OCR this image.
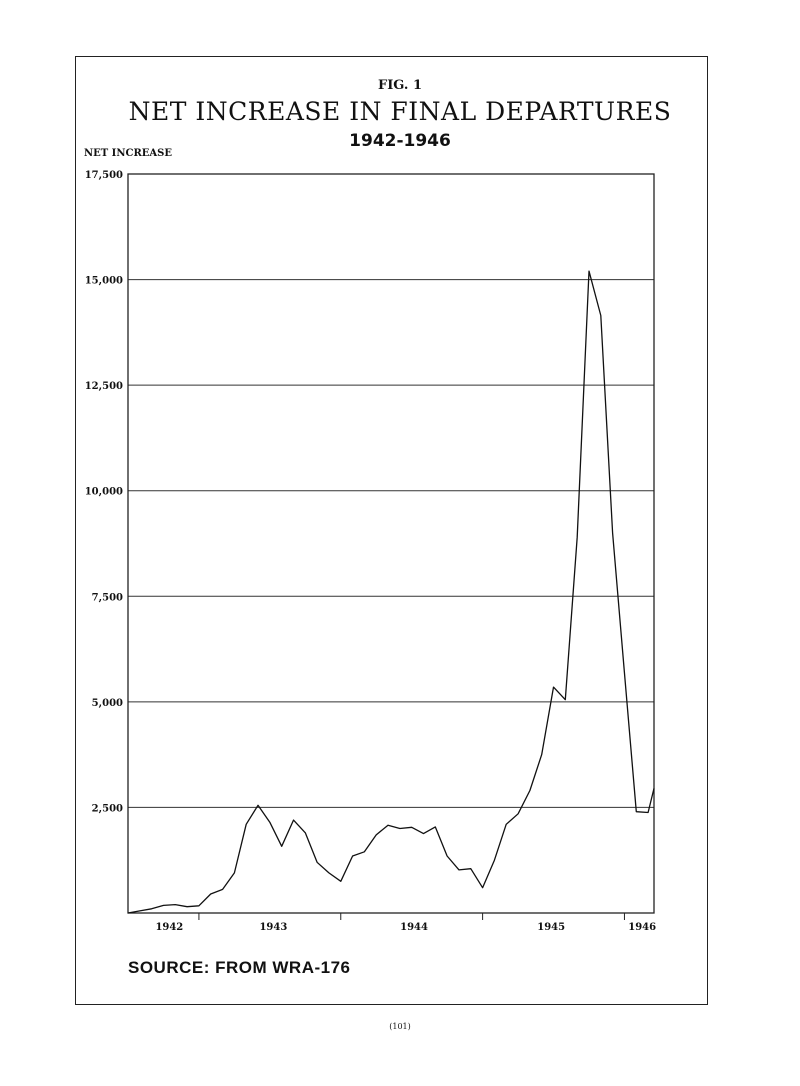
FIG. 1
NET INCREASE IN FINAL DEPARTURES
1942-1946
NET INCREASE
17,500
15,000
12,500
10,000
7,500
5,000
2,500
1942	1943	1944	1945	1946
SOURCE: FROM WRA-176
(101)
